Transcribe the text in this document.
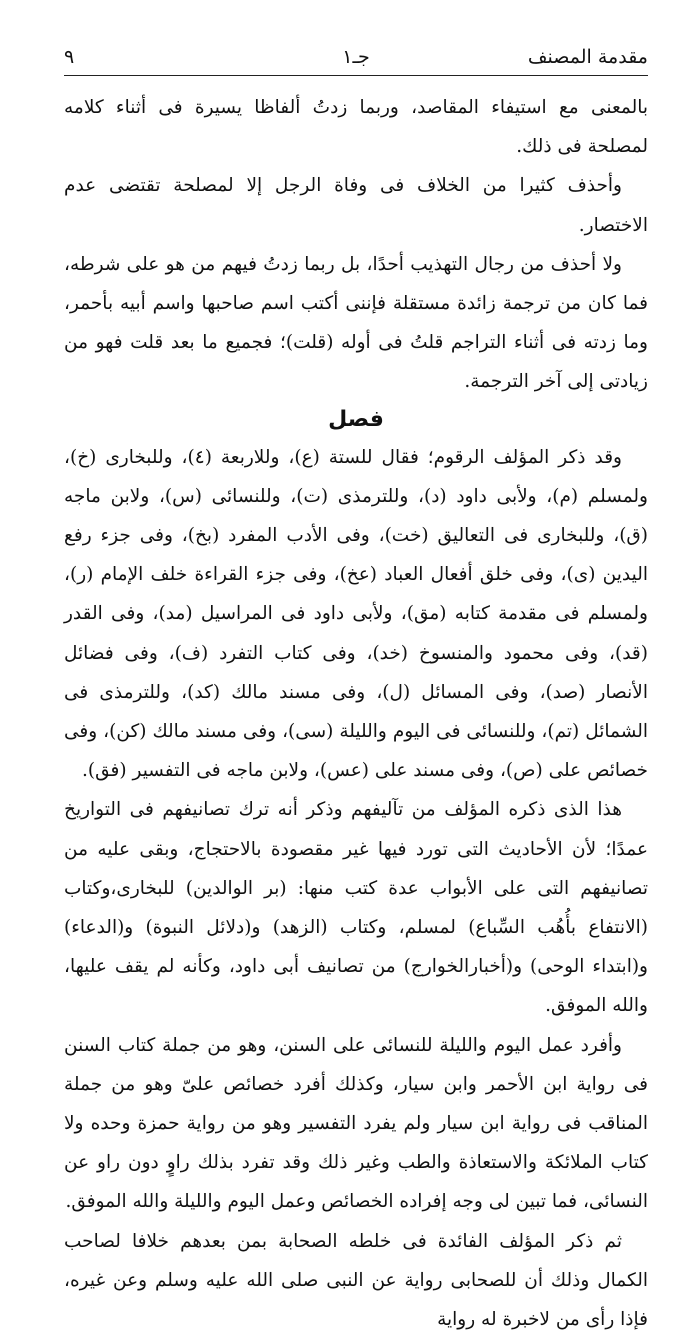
مقدمة المصنف
جـ١
٩

بالمعنى مع استيفاء المقاصد، وربما زدتُ ألفاظا يسيرة فى أثناء كلامه لمصلحة فى ذلك.

وأحذف كثيرا من الخلاف فى وفاة الرجل إلا لمصلحة تقتضى عدم الاختصار.

ولا أحذف من رجال التهذيب أحدًا، بل ربما زدتُ فيهم من هو على شرطه، فما كان من ترجمة زائدة مستقلة فإننى أكتب اسم صاحبها واسم أبيه بأحمر، وما زدته فى أثناء التراجم قلتُ فى أوله (قلت)؛ فجميع ما بعد قلت فهو من زيادتى إلى آخر الترجمة.

فصل

وقد ذكر المؤلف الرقوم؛ فقال للستة (ع)، وللاربعة (٤)، وللبخارى (خ)، ولمسلم (م)، ولأبى داود (د)، وللترمذى (ت)، وللنسائى (س)، ولابن ماجه (ق)، وللبخارى فى التعاليق (خت)، وفى الأدب المفرد (بخ)، وفى جزء رفع اليدين (ى)، وفى خلق أفعال العباد (عخ)، وفى جزء القراءة خلف الإمام (ر)، ولمسلم فى مقدمة كتابه (مق)، ولأبى داود فى المراسيل (مد)، وفى القدر (قد)، وفى محمود والمنسوخ (خد)، وفى كتاب التفرد (ف)، وفى فضائل الأنصار (صد)، وفى المسائل (ل)، وفى مسند مالك (كد)، وللترمذى فى الشمائل (تم)، وللنسائى فى اليوم والليلة (سى)، وفى مسند مالك (كن)، وفى خصائص على (ص)، وفى مسند على (عس)، ولابن ماجه فى التفسير (فق).

هذا الذى ذكره المؤلف من تآليفهم وذكر أنه ترك تصانيفهم فى التواريخ عمدًا؛ لأن الأحاديث التى تورد فيها غير مقصودة بالاحتجاج، وبقى عليه من تصانيفهم التى على الأبواب عدة كتب منها: (بر الوالدين) للبخارى،وكتاب (الانتفاع بأُهُب السِّباع) لمسلم، وكتاب (الزهد) و(دلائل النبوة) و(الدعاء) و(ابتداء الوحى) و(أخبارالخوارج) من تصانيف أبى داود، وكأنه لم يقف عليها، والله الموفق.

وأفرد عمل اليوم والليلة للنسائى على السنن، وهو من جملة كتاب السنن فى رواية ابن الأحمر وابن سيار، وكذلك أفرد خصائص علىّ وهو من جملة المناقب فى رواية ابن سيار ولم يفرد التفسير وهو من رواية حمزة وحده ولا كتاب الملائكة والاستعاذة والطب وغير ذلك وقد تفرد بذلك راوٍ دون راو عن النسائى، فما تبين لى وجه إفراده الخصائص وعمل اليوم والليلة والله الموفق.

ثم ذكر المؤلف الفائدة فى خلطه الصحابة بمن بعدهم خلافا لصاحب الكمال وذلك أن للصحابى رواية عن النبى صلى الله عليه وسلم وعن غيره، فإذا رأى من لاخبرة له رواية
